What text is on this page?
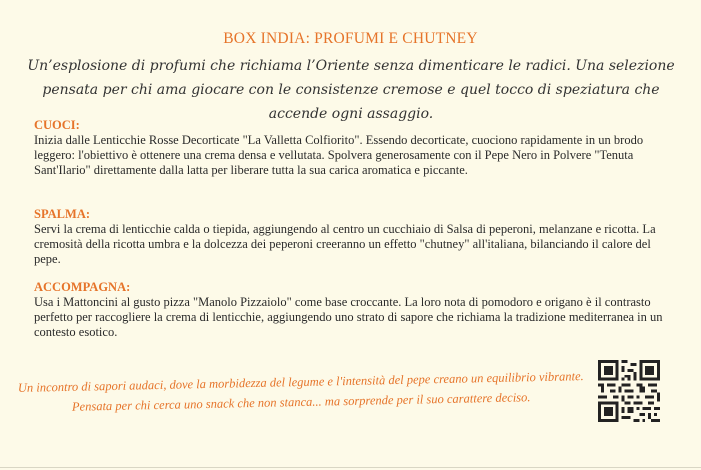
BOX INDIA: PROFUMI E CHUTNEY
Un’esplosione di profumi che richiama l’Oriente senza dimenticare le radici. Una selezione pensata per chi ama giocare con le consistenze cremose e quel tocco di speziatura che accende ogni assaggio.
CUOCI:
Inizia dalle Lenticchie Rosse Decorticate "La Valletta Colfiorito". Essendo decorticate, cuociono rapidamente in un brodo leggero: l'obiettivo è ottenere una crema densa e vellutata. Spolvera generosamente con il Pepe Nero in Polvere "Tenuta Sant'Ilario" direttamente dalla latta per liberare tutta la sua carica aromatica e piccante.
SPALMA:
Servi la crema di lenticchie calda o tiepida, aggiungendo al centro un cucchiaio di Salsa di peperoni, melanzane e ricotta. La cremosità della ricotta umbra e la dolcezza dei peperoni creeranno un effetto "chutney" all'italiana, bilanciando il calore del pepe.
ACCOMPAGNA:
Usa i Mattoncini al gusto pizza "Manolo Pizzaiolo" come base croccante. La loro nota di pomodoro e origano è il contrasto perfetto per raccogliere la crema di lenticchie, aggiungendo uno strato di sapore che richiama la tradizione mediterranea in un contesto esotico.
Un incontro di sapori audaci, dove la morbidezza del legume e l'intensità del pepe creano un equilibrio vibrante. Pensata per chi cerca uno snack che non stanca... ma sorprende per il suo carattere deciso.
